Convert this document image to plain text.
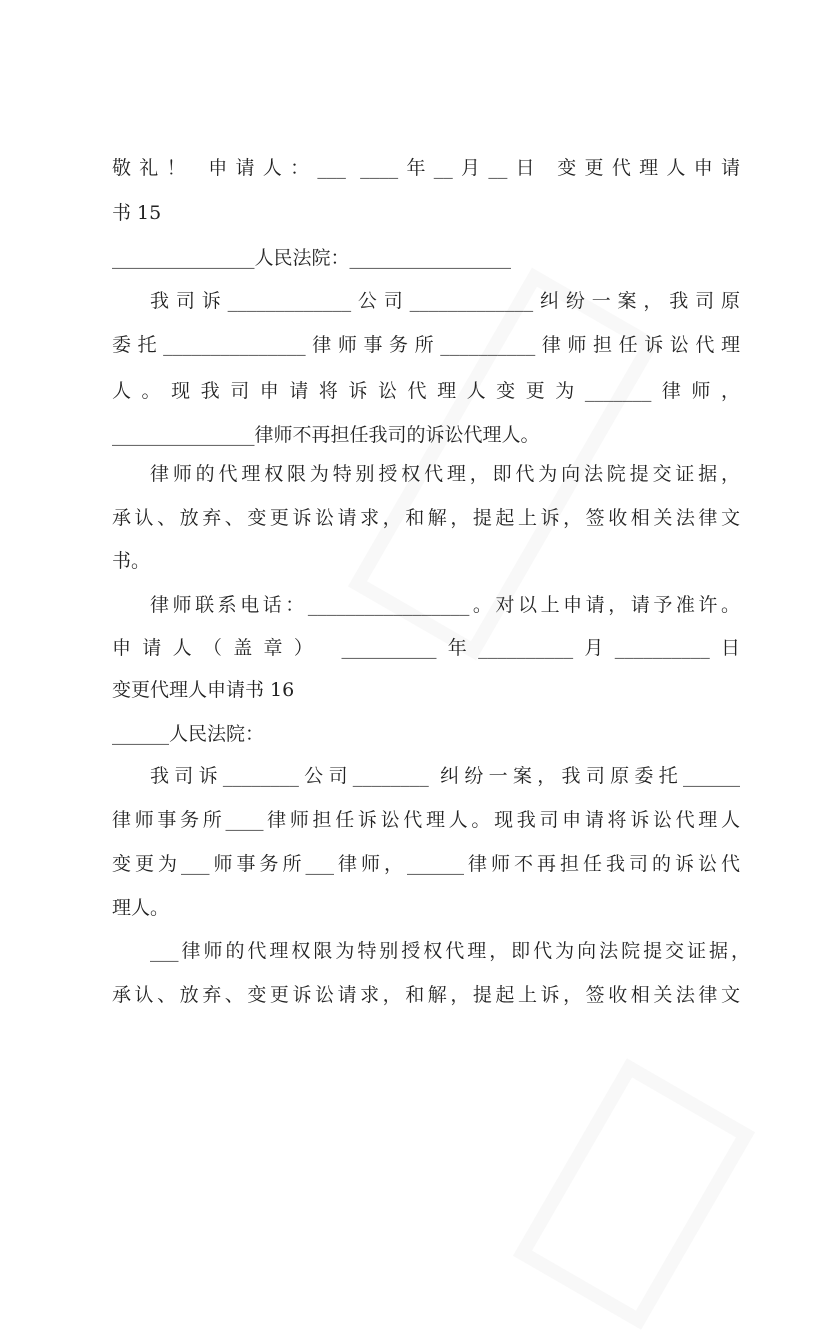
敬礼！ 申请人：___ ____年__月__日 变更代理人申请
书 15
_______________人民法院：_________________
我司诉_____________公司_____________纠纷一案，我司原
委托_______________律师事务所__________律师担任诉讼代理
人。现我司申请将诉讼代理人变更为_______律师，
_______________律师不再担任我司的诉讼代理人。
律师的代理权限为特别授权代理，即代为向法院提交证据，
承认、放弃、变更诉讼请求，和解，提起上诉，签收相关法律文
书。
律师联系电话：_________________。对以上申请，请予准许。
申请人（盖章） __________年__________月__________日
变更代理人申请书 16
______人民法院：
我司诉________公司________ 纠纷一案，我司原委托______
律师事务所____律师担任诉讼代理人。现我司申请将诉讼代理人
变更为___师事务所___律师，______律师不再担任我司的诉讼代
理人。
___律师的代理权限为特别授权代理，即代为向法院提交证据，
承认、放弃、变更诉讼请求，和解，提起上诉，签收相关法律文
